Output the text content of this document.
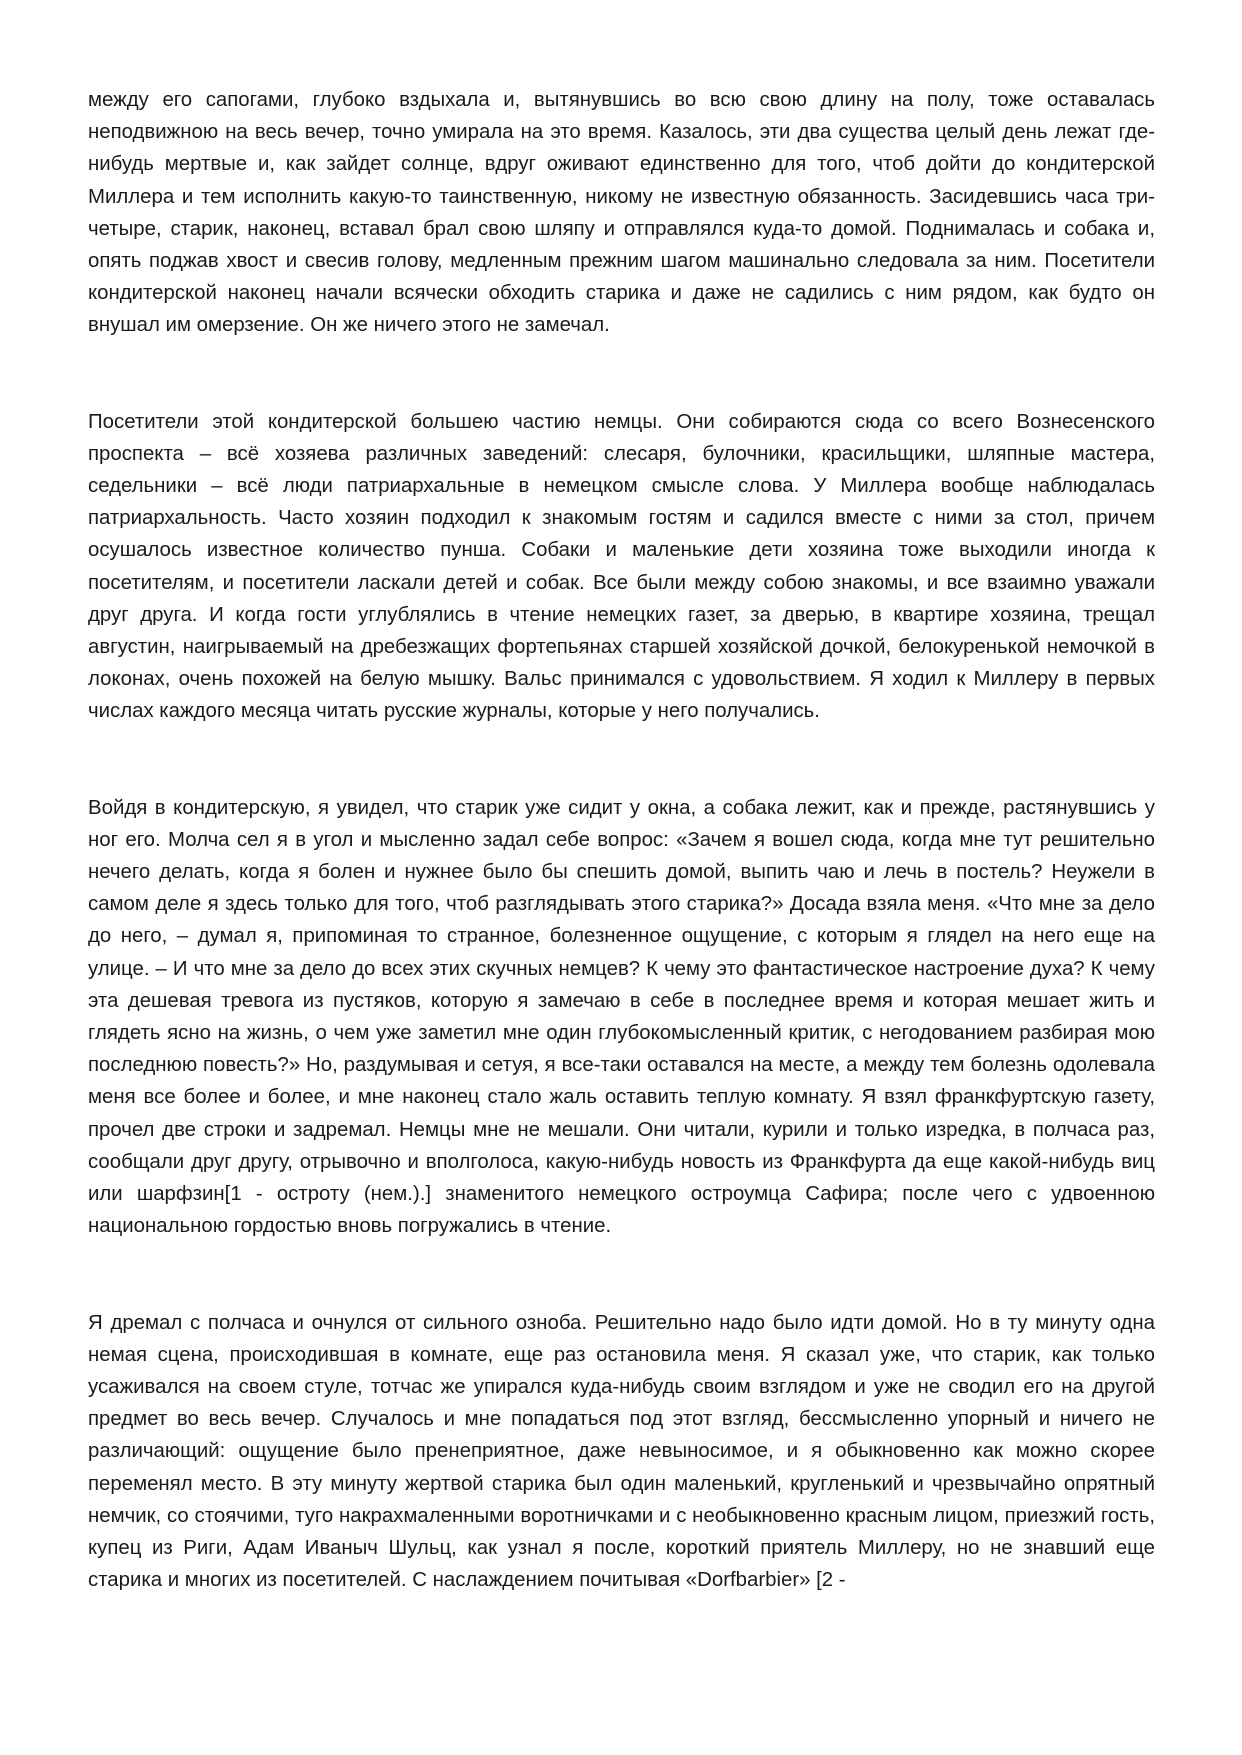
между его сапогами, глубоко вздыхала и, вытянувшись во всю свою длину на полу, тоже оставалась неподвижною на весь вечер, точно умирала на это время. Казалось, эти два существа целый день лежат где-нибудь мертвые и, как зайдет солнце, вдруг оживают единственно для того, чтоб дойти до кондитерской Миллера и тем исполнить какую-то таинственную, никому не известную обязанность. Засидевшись часа три-четыре, старик, наконец, вставал брал свою шляпу и отправлялся куда-то домой. Поднималась и собака и, опять поджав хвост и свесив голову, медленным прежним шагом машинально следовала за ним. Посетители кондитерской наконец начали всячески обходить старика и даже не садились с ним рядом, как будто он внушал им омерзение. Он же ничего этого не замечал.

Посетители этой кондитерской большею частию немцы. Они собираются сюда со всего Вознесенского проспекта – всё хозяева различных заведений: слесаря, булочники, красильщики, шляпные мастера, седельники – всё люди патриархальные в немецком смысле слова. У Миллера вообще наблюдалась патриархальность. Часто хозяин подходил к знакомым гостям и садился вместе с ними за стол, причем осушалось известное количество пунша. Собаки и маленькие дети хозяина тоже выходили иногда к посетителям, и посетители ласкали детей и собак. Все были между собою знакомы, и все взаимно уважали друг друга. И когда гости углублялись в чтение немецких газет, за дверью, в квартире хозяина, трещал августин, наигрываемый на дребезжащих фортепьянах старшей хозяйской дочкой, белокуренькой немочкой в локонах, очень похожей на белую мышку. Вальс принимался с удовольствием. Я ходил к Миллеру в первых числах каждого месяца читать русские журналы, которые у него получались.

Войдя в кондитерскую, я увидел, что старик уже сидит у окна, а собака лежит, как и прежде, растянувшись у ног его. Молча сел я в угол и мысленно задал себе вопрос: «Зачем я вошел сюда, когда мне тут решительно нечего делать, когда я болен и нужнее было бы спешить домой, выпить чаю и лечь в постель? Неужели в самом деле я здесь только для того, чтоб разглядывать этого старика?» Досада взяла меня. «Что мне за дело до него, – думал я, припоминая то странное, болезненное ощущение, с которым я глядел на него еще на улице. – И что мне за дело до всех этих скучных немцев? К чему это фантастическое настроение духа? К чему эта дешевая тревога из пустяков, которую я замечаю в себе в последнее время и которая мешает жить и глядеть ясно на жизнь, о чем уже заметил мне один глубокомысленный критик, с негодованием разбирая мою последнюю повесть?» Но, раздумывая и сетуя, я все-таки оставался на месте, а между тем болезнь одолевала меня все более и более, и мне наконец стало жаль оставить теплую комнату. Я взял франкфуртскую газету, прочел две строки и задремал. Немцы мне не мешали. Они читали, курили и только изредка, в полчаса раз, сообщали друг другу, отрывочно и вполголоса, какую-нибудь новость из Франкфурта да еще какой-нибудь виц или шарфзин[1 - остроту (нем.).] знаменитого немецкого остроумца Сафира; после чего с удвоенною национальною гордостью вновь погружались в чтение.

Я дремал с полчаса и очнулся от сильного озноба. Решительно надо было идти домой. Но в ту минуту одна немая сцена, происходившая в комнате, еще раз остановила меня. Я сказал уже, что старик, как только усаживался на своем стуле, тотчас же упирался куда-нибудь своим взглядом и уже не сводил его на другой предмет во весь вечер. Случалось и мне попадаться под этот взгляд, бессмысленно упорный и ничего не различающий: ощущение было пренеприятное, даже невыносимое, и я обыкновенно как можно скорее переменял место. В эту минуту жертвой старика был один маленький, кругленький и чрезвычайно опрятный немчик, со стоячими, туго накрахмаленными воротничками и с необыкновенно красным лицом, приезжий гость, купец из Риги, Адам Иваныч Шульц, как узнал я после, короткий приятель Миллеру, но не знавший еще старика и многих из посетителей. С наслаждением почитывая «Dorfbarbier» [2 -
